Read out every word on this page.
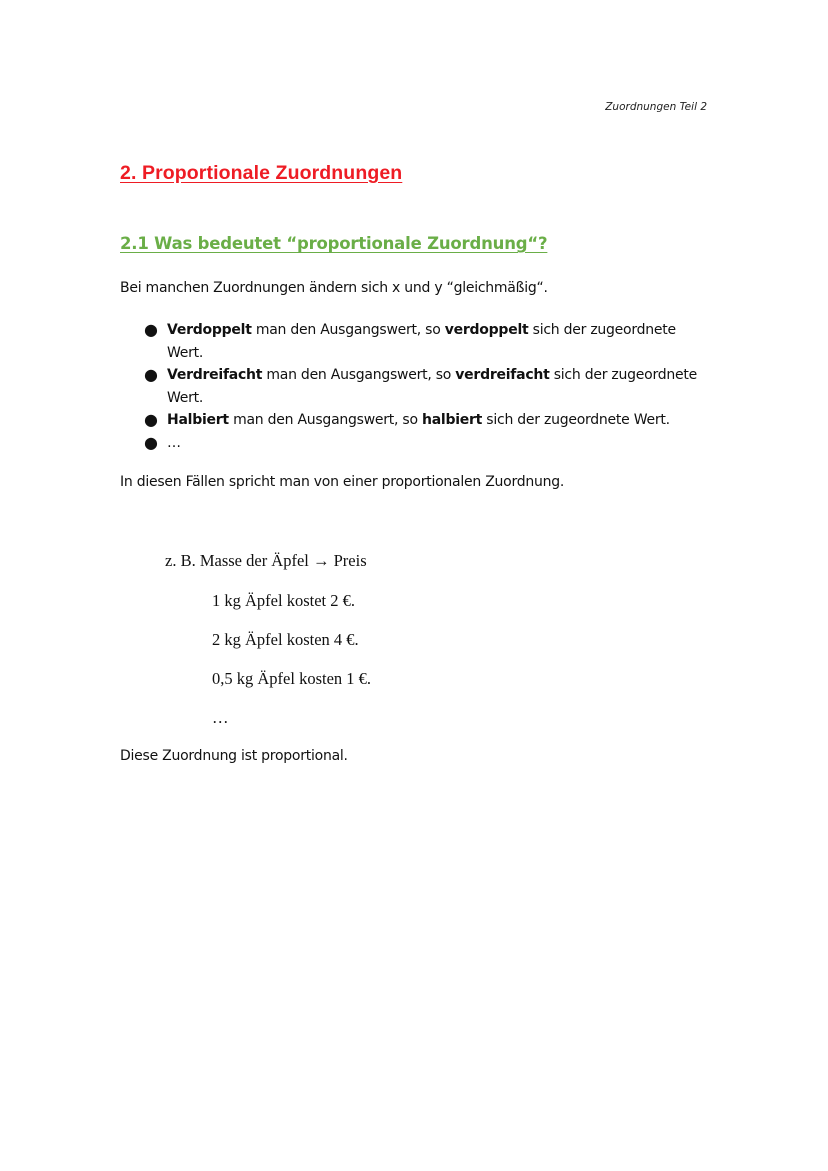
Zuordnungen Teil 2
2. Proportionale Zuordnungen
2.1 Was bedeutet “proportionale Zuordnung“?

Bei manchen Zuordnungen ändern sich x und y “gleichmäßig“.

● Verdoppelt man den Ausgangswert, so verdoppelt sich der zugeordnete Wert.
● Verdreifacht man den Ausgangswert, so verdreifacht sich der zugeordnete Wert.
● Halbiert man den Ausgangswert, so halbiert sich der zugeordnete Wert.
● …

In diesen Fällen spricht man von einer proportionalen Zuordnung.

z. B. Masse der Äpfel → Preis
1 kg Äpfel kostet 2 €.
2 kg Äpfel kosten 4 €.
0,5 kg Äpfel kosten 1 €.
…

Diese Zuordnung ist proportional.
